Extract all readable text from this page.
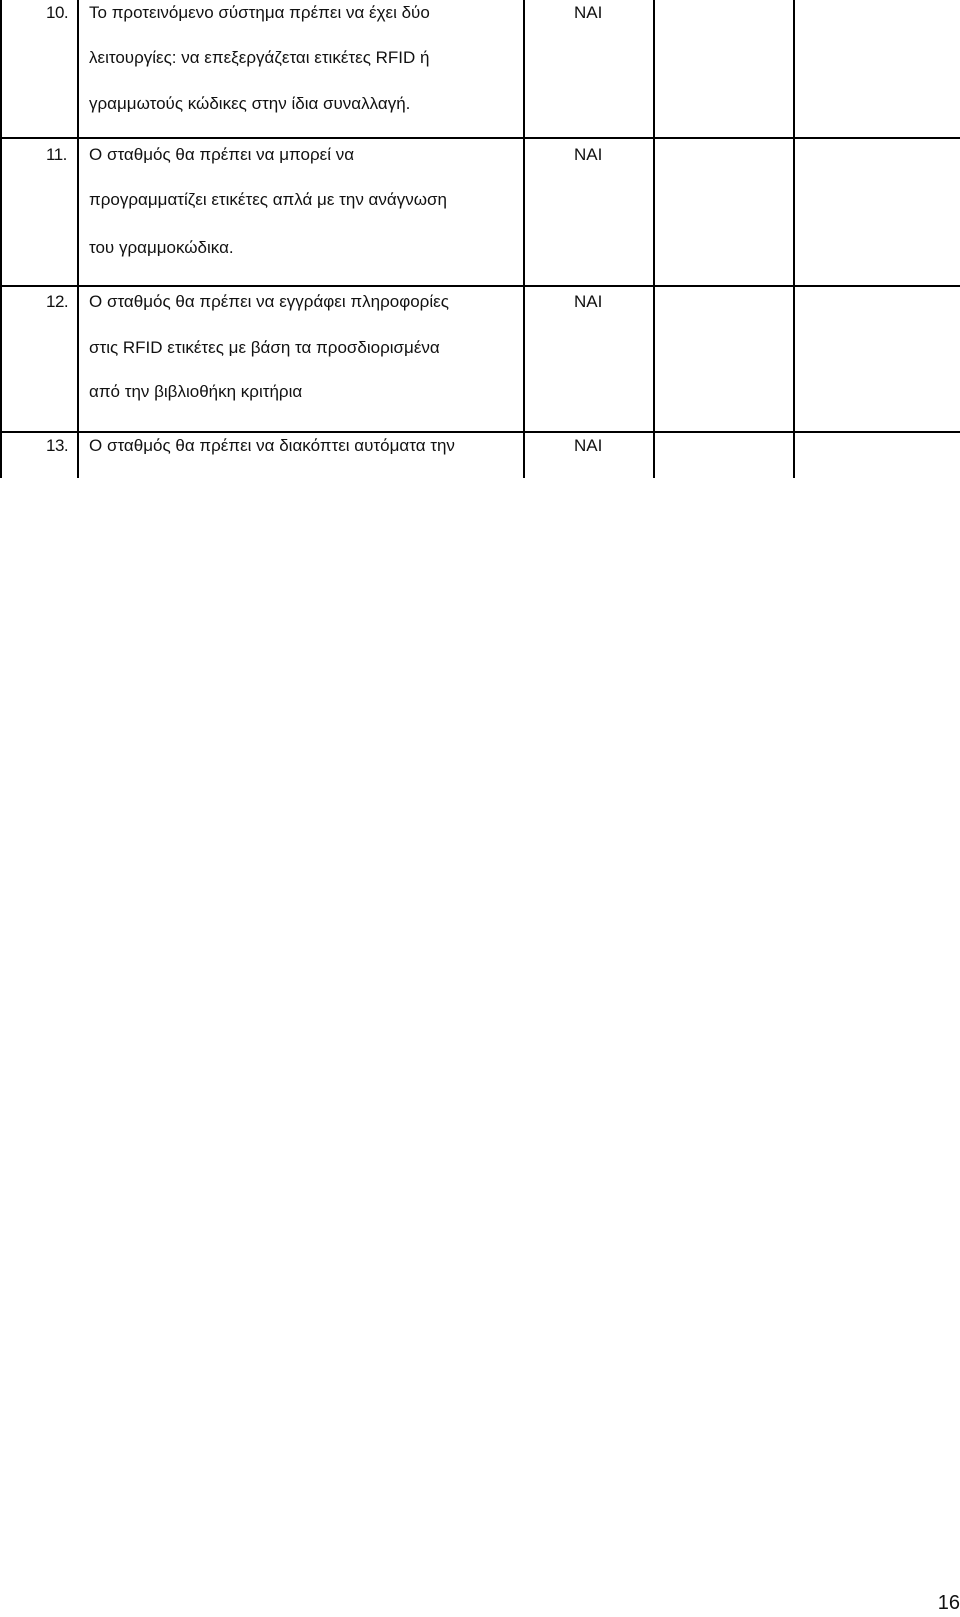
10.	Το προτεινόμενο σύστημα πρέπει να έχει δύο
λειτουργίες: να επεξεργάζεται ετικέτες RFID ή
γραμμωτούς κώδικες στην ίδια συναλλαγή.
ΝΑΙ
11.	Ο σταθμός θα πρέπει να μπορεί να
προγραμματίζει ετικέτες απλά με την ανάγνωση
του γραμμοκώδικα.
ΝΑΙ
12.	Ο σταθμός θα πρέπει να εγγράφει πληροφορίες
στις RFID ετικέτες με βάση τα προσδιορισμένα
από την βιβλιοθήκη κριτήρια
ΝΑΙ
13.	Ο σταθμός θα πρέπει να διακόπτει αυτόματα την	ΝΑΙ
16
